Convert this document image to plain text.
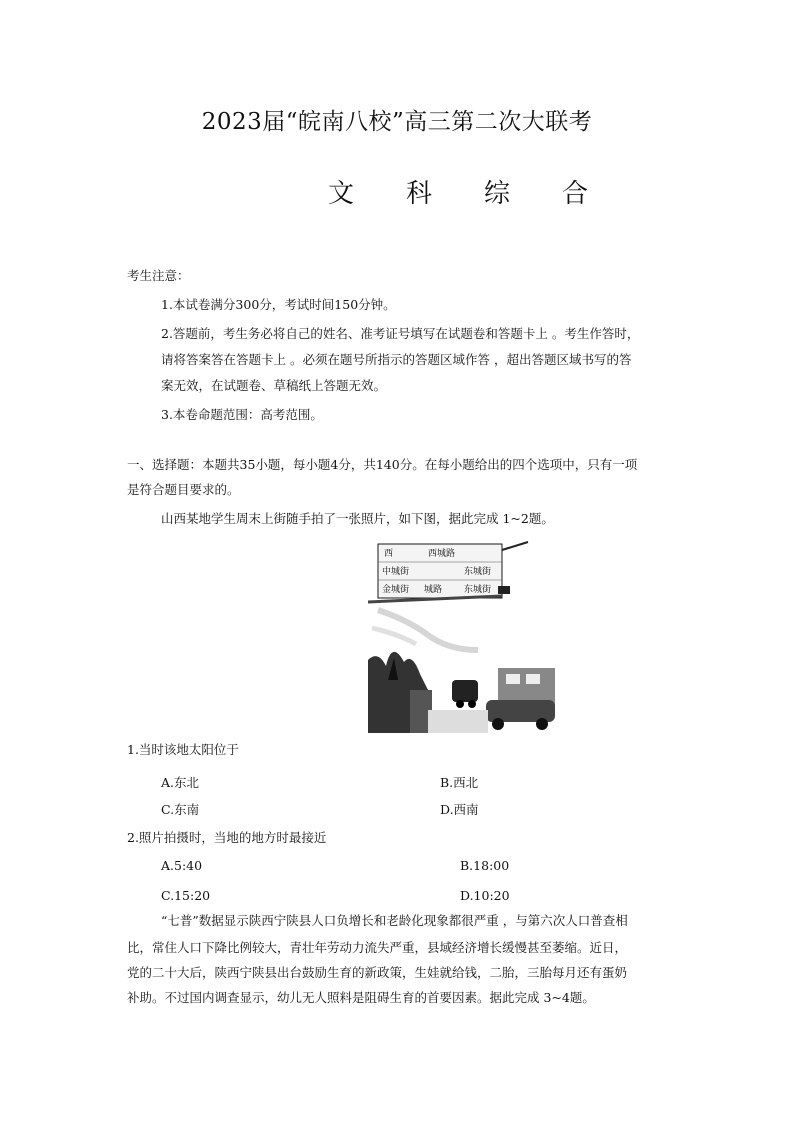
2023届“皖南八校”高三第二次大联考
文 科 综 合
考生注意：
1.本试卷满分300分，考试时间150分钟。
2.答题前，考生务必将自己的姓名、准考证号填写在试题卷和答题卡上 。考生作答时，
请将答案答在答题卡上 。必须在题号所指示的答题区域作答 ，超出答题区域书写的答
案无效，在试题卷、草稿纸上答题无效。
3.本卷命题范围：高考范围。
一、选择题：本题共35小题，每小题4分，共140分。在每小题给出的四个选项中，只有一项
是符合题目要求的。
山西某地学生周末上街随手拍了一张照片，如下图，据此完成 1~2题。
西	西城路
中城街	东城街
金城街 城路 东城街
1.当时该地太阳位于
A.东北	B.西北
C.东南	D.西南
2.照片拍摄时，当地的地方时最接近
A.5:40	B.18:00
C.15:20	D.10:20
“七普”数据显示陕西宁陕县人口负增长和老龄化现象都很严重 ，与第六次人口普查相
比，常住人口下降比例较大，青壮年劳动力流失严重，县域经济增长缓慢甚至萎缩。近日，
党的二十大后，陕西宁陕县出台鼓励生育的新政策，生娃就给钱，二胎，三胎每月还有蛋奶
补助。不过国内调查显示，幼儿无人照料是阻碍生育的首要因素。据此完成 3~4题。
